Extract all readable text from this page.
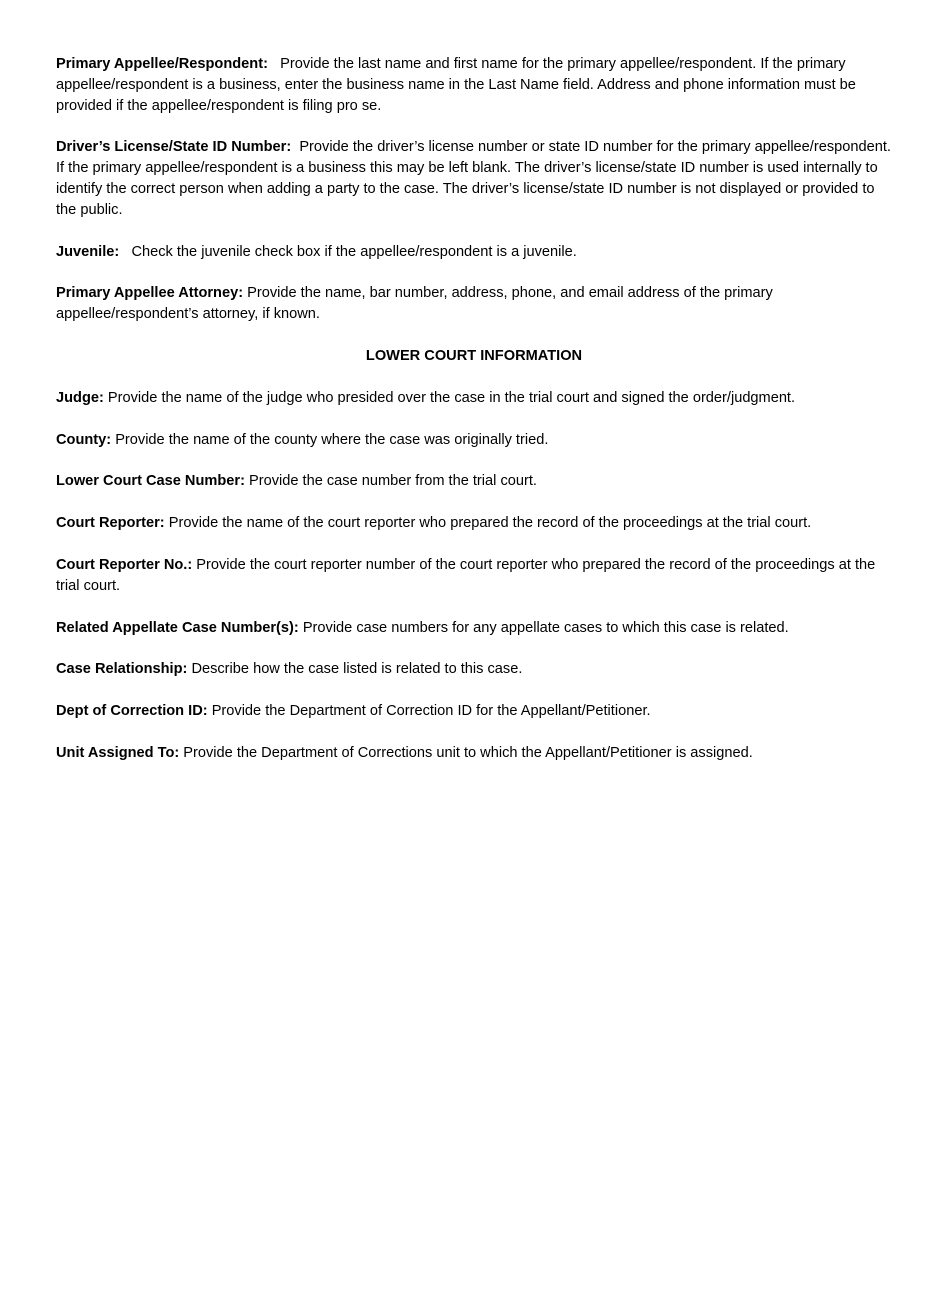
Primary Appellee/Respondent: Provide the last name and first name for the primary appellee/respondent. If the primary appellee/respondent is a business, enter the business name in the Last Name field. Address and phone information must be provided if the appellee/respondent is filing pro se.

Driver’s License/State ID Number: Provide the driver’s license number or state ID number for the primary appellee/respondent. If the primary appellee/respondent is a business this may be left blank. The driver’s license/state ID number is used internally to identify the correct person when adding a party to the case. The driver’s license/state ID number is not displayed or provided to the public.

Juvenile: Check the juvenile check box if the appellee/respondent is a juvenile.

Primary Appellee Attorney: Provide the name, bar number, address, phone, and email address of the primary appellee/respondent’s attorney, if known.

LOWER COURT INFORMATION

Judge: Provide the name of the judge who presided over the case in the trial court and signed the order/judgment.

County: Provide the name of the county where the case was originally tried.

Lower Court Case Number: Provide the case number from the trial court.

Court Reporter: Provide the name of the court reporter who prepared the record of the proceedings at the trial court.

Court Reporter No.: Provide the court reporter number of the court reporter who prepared the record of the proceedings at the trial court.

Related Appellate Case Number(s): Provide case numbers for any appellate cases to which this case is related.

Case Relationship: Describe how the case listed is related to this case.

Dept of Correction ID: Provide the Department of Correction ID for the Appellant/Petitioner.

Unit Assigned To: Provide the Department of Corrections unit to which the Appellant/Petitioner is assigned.
